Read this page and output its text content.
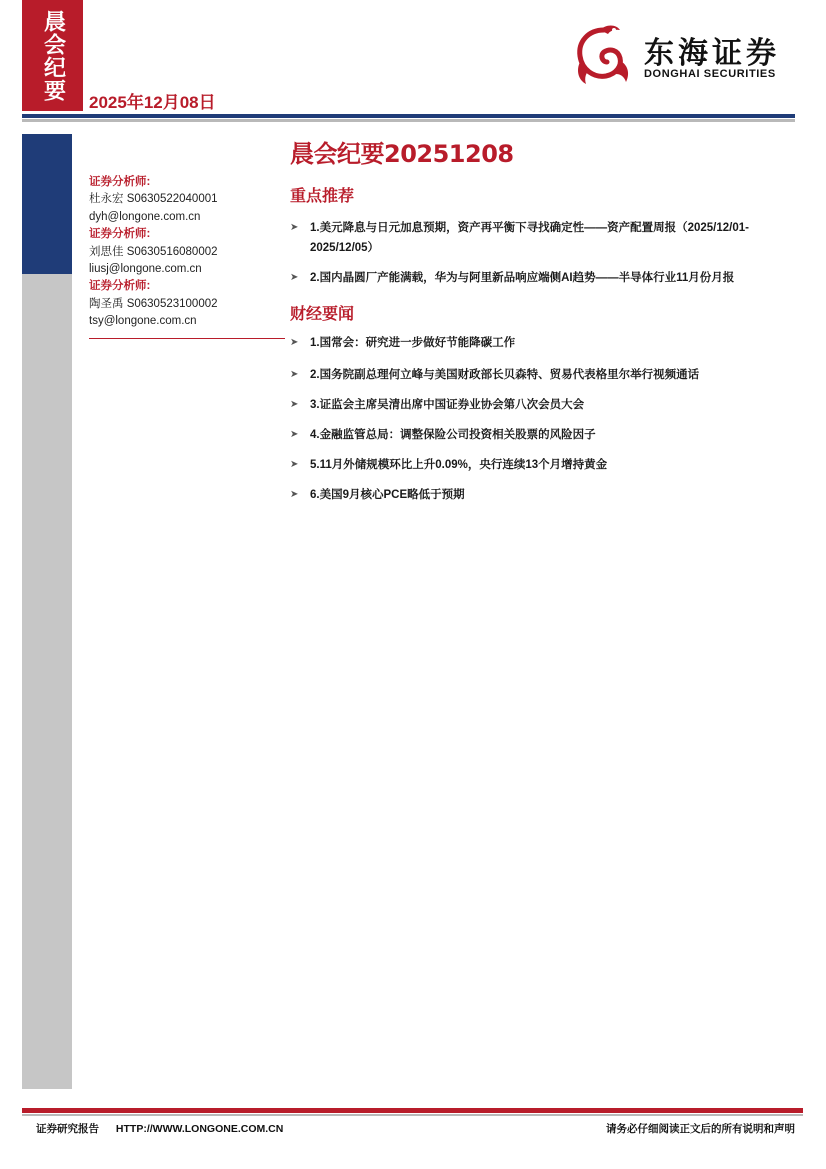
晨会纪要
2025年12月08日
东海证券
DONGHAI SECURITIES
证券分析师:
杜永宏 S0630522040001
dyh@longone.com.cn
证券分析师:
刘思佳 S0630516080002
liusj@longone.com.cn
证券分析师:
陶圣禹 S0630523100002
tsy@longone.com.cn
晨会纪要20251208
重点推荐
➤	1.美元降息与日元加息预期，资产再平衡下寻找确定性——资产配置周报（2025/12/01-2025/12/05）
➤	2.国内晶圆厂产能满载，华为与阿里新品响应端侧AI趋势——半导体行业11月份月报
财经要闻
➤	1.国常会：研究进一步做好节能降碳工作
➤	2.国务院副总理何立峰与美国财政部长贝森特、贸易代表格里尔举行视频通话
➤	3.证监会主席吴清出席中国证券业协会第八次会员大会
➤	4.金融监管总局：调整保险公司投资相关股票的风险因子
➤	5.11月外储规模环比上升0.09%，央行连续13个月增持黄金
➤	6.美国9月核心PCE略低于预期
证券研究报告 HTTP://WWW.LONGONE.COM.CN	请务必仔细阅读正文后的所有说明和声明
